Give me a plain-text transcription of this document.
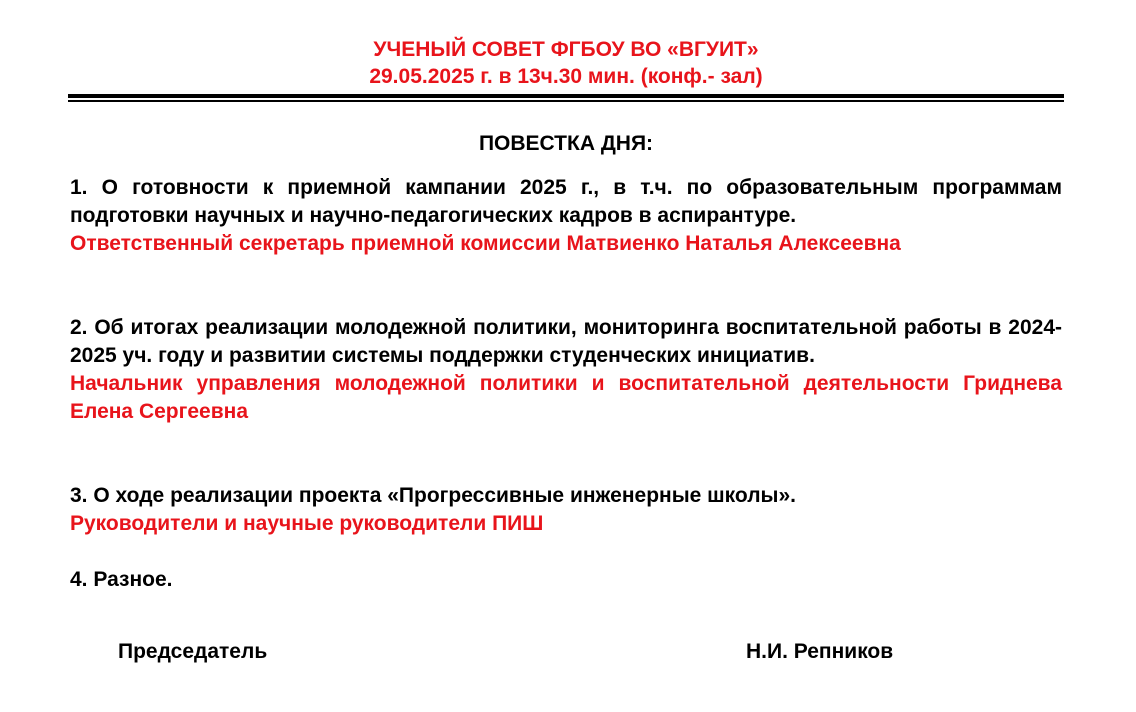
УЧЕНЫЙ СОВЕТ ФГБОУ ВО «ВГУИТ»
29.05.2025 г. в 13ч.30 мин. (конф.- зал)
ПОВЕСТКА ДНЯ:
1. О готовности к приемной кампании 2025 г., в т.ч. по образовательным программам подготовки научных и научно-педагогических кадров в аспирантуре.
Ответственный секретарь приемной комиссии Матвиенко Наталья Алексеевна
2. Об итогах реализации молодежной политики, мониторинга воспитательной работы в 2024-2025 уч. году и развитии системы поддержки студенческих инициатив.
Начальник управления молодежной политики и воспитательной деятельности Гриднева Елена Сергеевна
3. О ходе реализации проекта «Прогрессивные инженерные школы».
Руководители и научные руководители ПИШ
4. Разное.
Председатель	Н.И. Репников
